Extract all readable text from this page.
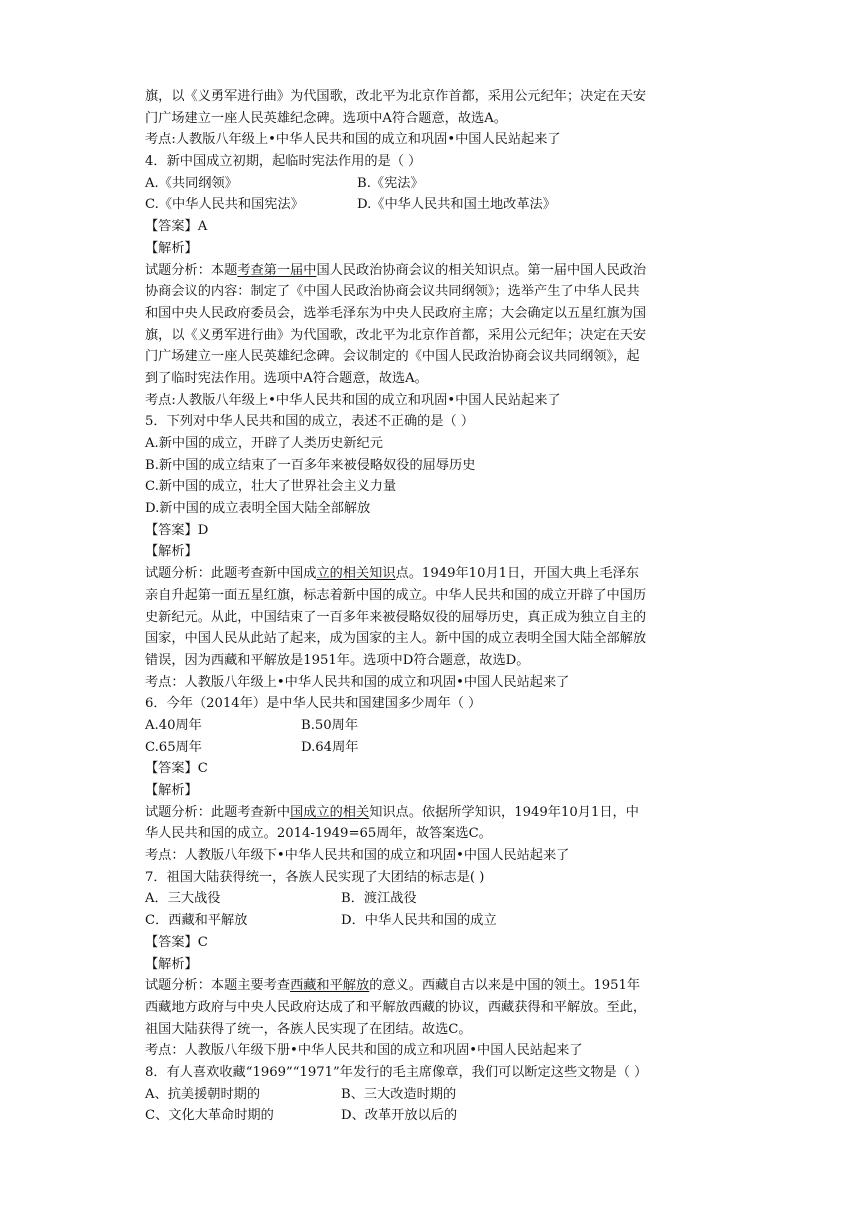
旗，以《义勇军进行曲》为代国歌，改北平为北京作首都，采用公元纪年；决定在天安
门广场建立一座人民英雄纪念碑。选项中A符合题意，故选A。
考点:人教版八年级上•中华人民共和国的成立和巩固•中国人民站起来了
4．新中国成立初期，起临时宪法作用的是（ ）
A.《共同纲领》	B.《宪法》
C.《中华人民共和国宪法》	D.《中华人民共和国土地改革法》
【答案】A
【解析】
试题分析：本题考查第一届中国人民政治协商会议的相关知识点。第一届中国人民政治
协商会议的内容：制定了《中国人民政治协商会议共同纲领》；选举产生了中华人民共
和国中央人民政府委员会，选举毛泽东为中央人民政府主席；大会确定以五星红旗为国
旗，以《义勇军进行曲》为代国歌，改北平为北京作首都，采用公元纪年；决定在天安
门广场建立一座人民英雄纪念碑。会议制定的《中国人民政治协商会议共同纲领》，起
到了临时宪法作用。选项中A符合题意，故选A。
考点:人教版八年级上•中华人民共和国的成立和巩固•中国人民站起来了
5．下列对中华人民共和国的成立，表述不正确的是（ ）
A.新中国的成立，开辟了人类历史新纪元
B.新中国的成立结束了一百多年来被侵略奴役的屈辱历史
C.新中国的成立，壮大了世界社会主义力量
D.新中国的成立表明全国大陆全部解放
【答案】D
【解析】
试题分析：此题考查新中国成立的相关知识点。1949年10月1日，开国大典上毛泽东
亲自升起第一面五星红旗，标志着新中国的成立。中华人民共和国的成立开辟了中国历
史新纪元。从此，中国结束了一百多年来被侵略奴役的屈辱历史，真正成为独立自主的
国家，中国人民从此站了起来，成为国家的主人。新中国的成立表明全国大陆全部解放
错误，因为西藏和平解放是1951年。选项中D符合题意，故选D。
考点：人教版八年级上•中华人民共和国的成立和巩固•中国人民站起来了
6．今年（2014年）是中华人民共和国建国多少周年（ ）
A.40周年	B.50周年
C.65周年	D.64周年
【答案】C
【解析】
试题分析：此题考查新中国成立的相关知识点。依据所学知识，1949年10月1日，中
华人民共和国的成立。2014-1949=65周年，故答案选C。
考点：人教版八年级下•中华人民共和国的成立和巩固•中国人民站起来了
7．祖国大陆获得统一，各族人民实现了大团结的标志是( )
A．三大战役	B．渡江战役
C．西藏和平解放	D．中华人民共和国的成立
【答案】C
【解析】
试题分析：本题主要考查西藏和平解放的意义。西藏自古以来是中国的领土。1951年
西藏地方政府与中央人民政府达成了和平解放西藏的协议，西藏获得和平解放。至此，
祖国大陆获得了统一，各族人民实现了在团结。故选C。
考点：人教版八年级下册•中华人民共和国的成立和巩固•中国人民站起来了
8．有人喜欢收藏“1969”“1971”年发行的毛主席像章，我们可以断定这些文物是（ ）
A、抗美援朝时期的	B、三大改造时期的
C、文化大革命时期的	D、改革开放以后的
